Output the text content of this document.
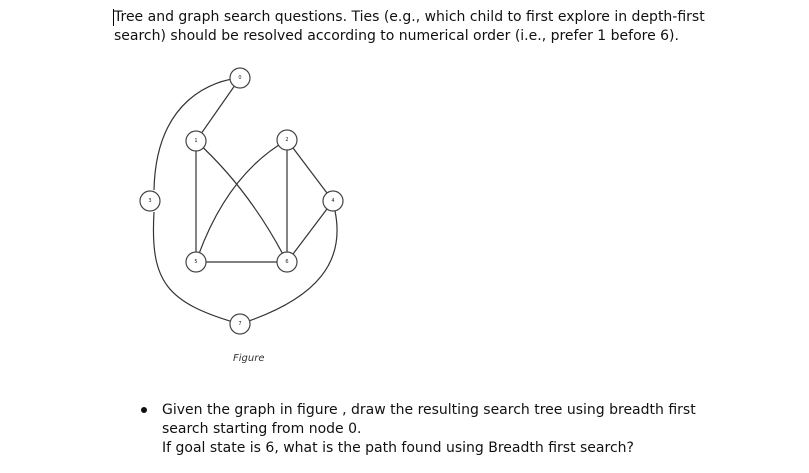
Tree and graph search questions. Ties (e.g., which child to first explore in depth-first
search) should be resolved according to numerical order (i.e., prefer 1 before 6).
0
1	2
3	4
5	6
7
Figure
Given the graph in figure , draw the resulting search tree using breadth first
search starting from node 0.
If goal state is 6, what is the path found using Breadth first search?
